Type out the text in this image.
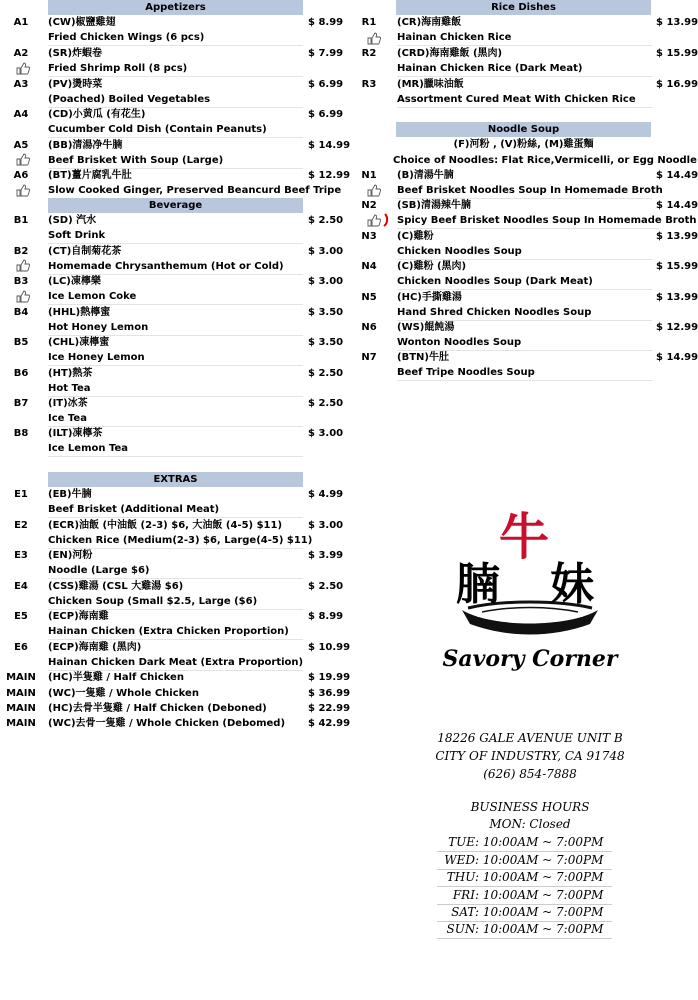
Appetizers
A1	(CW)椒鹽雞翅	$ 8.99
Fried Chicken Wings (6 pcs)
A2	(SR)炸蝦卷	$ 7.99
Fried Shrimp Roll (8 pcs)
A3	(PV)燙時菜	$ 6.99
(Poached) Boiled Vegetables
A4	(CD)小黄瓜 (有花生)	$ 6.99
Cucumber Cold Dish (Contain Peanuts)
A5	(BB)清湯净牛腩	$ 14.99
Beef Brisket With Soup (Large)
A6	(BT)薑片腐乳牛肚	$ 12.99
Slow Cooked Ginger, Preserved Beancurd Beef Tripe
Beverage
B1	(SD) 汽水	$ 2.50
Soft Drink
B2	(CT)自制菊花茶	$ 3.00
Homemade Chrysanthemum (Hot or Cold)
B3	(LC)凍檸樂	$ 3.00
Ice Lemon Coke
B4	(HHL)熱檸蜜	$ 3.50
Hot Honey Lemon
B5	(CHL)凍檸蜜	$ 3.50
Ice Honey Lemon
B6	(HT)熱茶	$ 2.50
Hot Tea
B7	(IT)冰茶	$ 2.50
Ice Tea
B8	(ILT)凍檸茶	$ 3.00
Ice Lemon Tea
EXTRAS
E1	(EB)牛腩	$ 4.99
Beef Brisket (Additional Meat)
E2	(ECR)油飯 (中油飯 (2-3) $6, 大油飯 (4-5) $11)	$ 3.00
Chicken Rice (Medium(2-3) $6, Large(4-5) $11)
E3	(EN)河粉	$ 3.99
Noodle (Large $6)
E4	(CSS)雞湯 (CSL 大雞湯 $6)	$ 2.50
Chicken Soup (Small $2.5, Large ($6)
E5	(ECP)海南雞	$ 8.99
Hainan Chicken (Extra Chicken Proportion)
E6	(ECP)海南雞 (黑肉)	$ 10.99
Hainan Chicken Dark Meat (Extra Proportion)
MAIN	(HC)半隻雞 / Half Chicken	$ 19.99
MAIN	(WC)一隻雞 / Whole Chicken	$ 36.99
MAIN	(HC)去骨半隻雞 / Half Chicken (Deboned)	$ 22.99
MAIN	(WC)去骨一隻雞 / Whole Chicken (Debomed) $ 42.99
Rice Dishes
R1	(CR)海南雞飯	$ 13.99
Hainan Chicken Rice
R2	(CRD)海南雞飯 (黑肉)	$ 15.99
Hainan Chicken Rice (Dark Meat)
R3	(MR)臘味油飯	$ 16.99
Assortment Cured Meat With Chicken Rice
Noodle Soup
(F)河粉 , (V)粉絲, (M)雞蛋麵
Choice of Noodles: Flat Rice,Vermicelli, or Egg Noodle
N1	(B)清湯牛腩	$ 14.49
Beef Brisket Noodles Soup In Homemade Broth
N2	(SB)清湯辣牛腩	$ 14.49
Spicy Beef Brisket Noodles Soup In Homemade Broth
N3	(C)雞粉	$ 13.99
Chicken Noodles Soup
N4	(C)雞粉 (黑肉)	$ 15.99
Chicken Noodles Soup (Dark Meat)
N5	(HC)手撕雞湯	$ 13.99
Hand Shred Chicken Noodles Soup
N6	(WS)餛飩湯	$ 12.99
Wonton Noodles Soup
N7	(BTN)牛肚	$ 14.99
Beef Tripe Noodles Soup
牛
腩 妹
Savory Corner
18226 GALE AVENUE UNIT B
CITY OF INDUSTRY, CA 91748
(626) 854-7888
BUSINESS HOURS
MON: Closed
TUE: 10:00AM ~ 7:00PM
WED: 10:00AM ~ 7:00PM
THU: 10:00AM ~ 7:00PM
FRI: 10:00AM ~ 7:00PM
SAT: 10:00AM ~ 7:00PM
SUN: 10:00AM ~ 7:00PM
